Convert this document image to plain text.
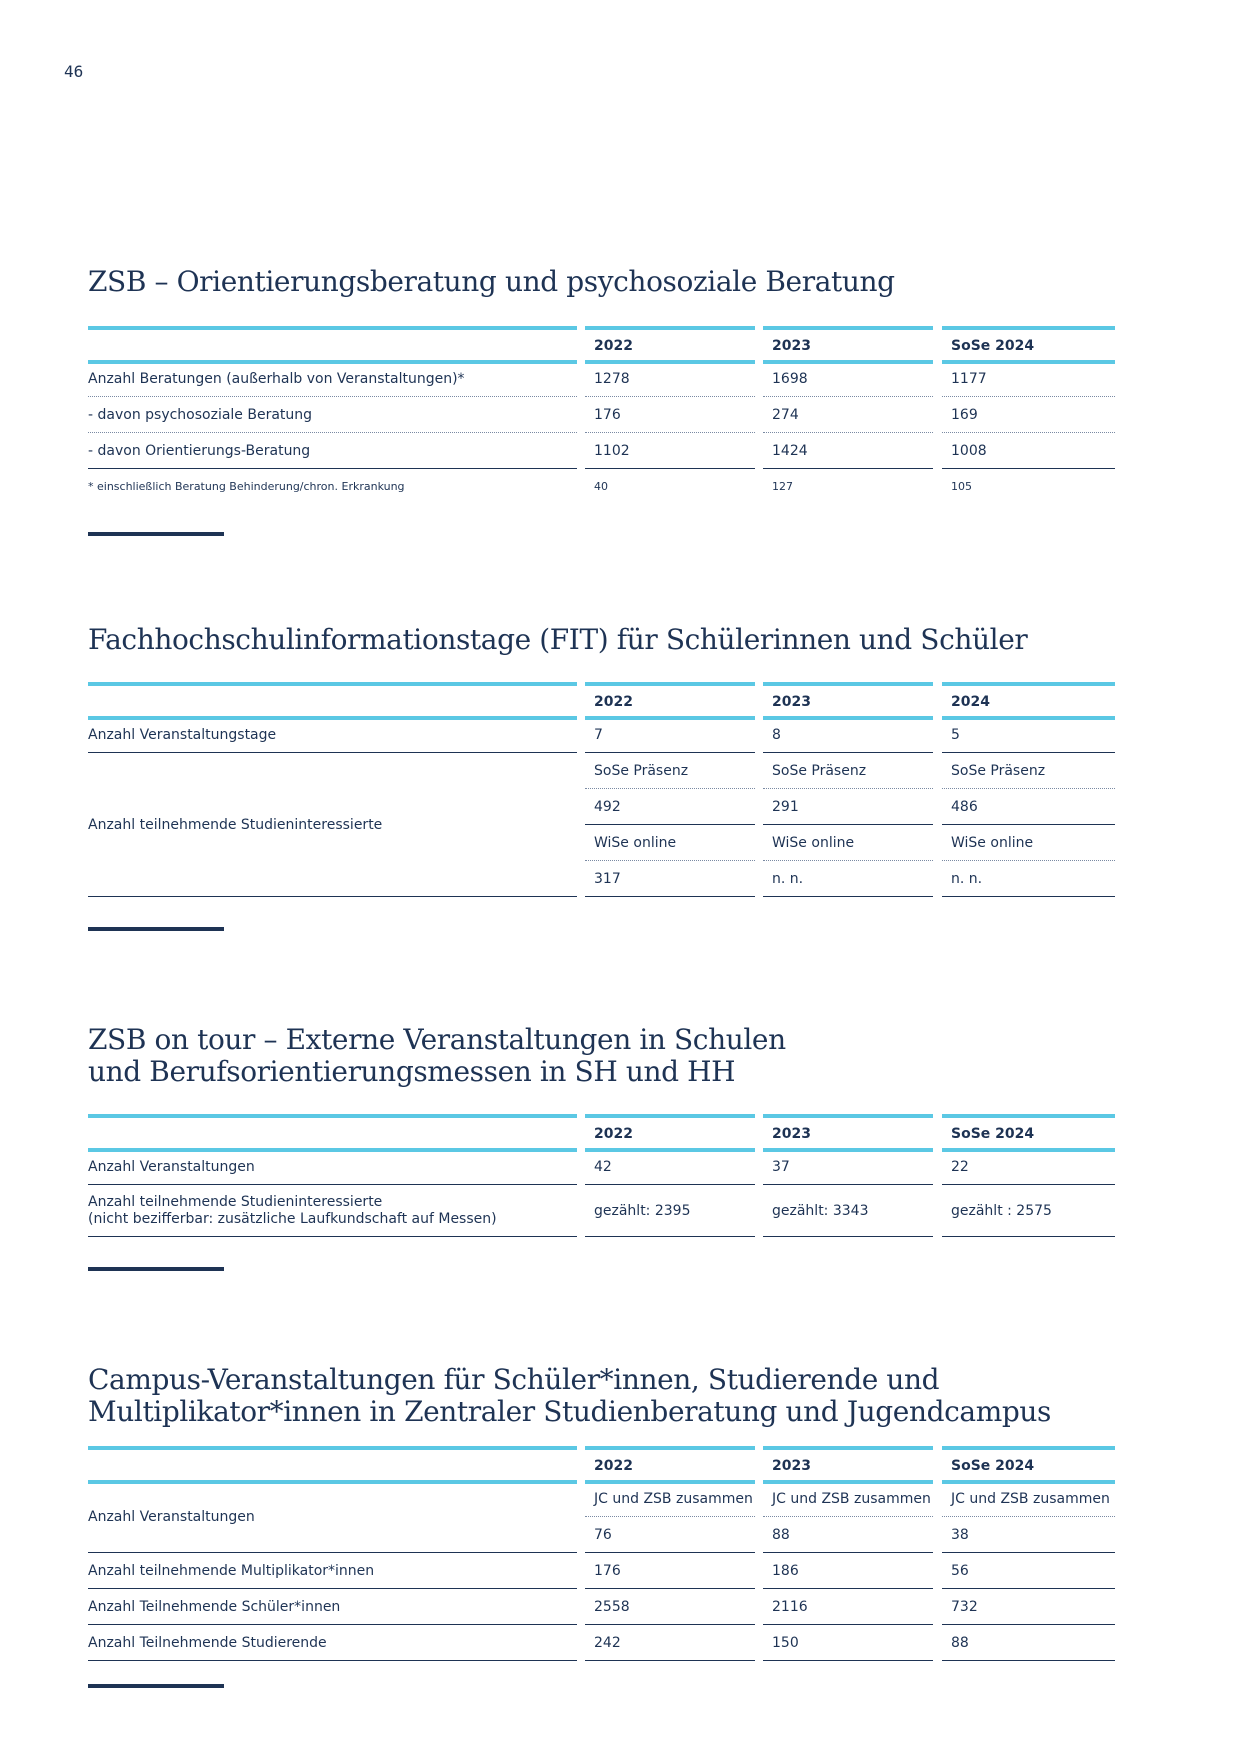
46
ZSB – Orientierungsberatung und psychosoziale Beratung
2022	2023	SoSe 2024
Anzahl Beratungen (außerhalb von Veranstaltungen)*	1278	1698	1177
- davon psychosoziale Beratung	176	274	169
- davon Orientierungs-Beratung	1102	1424	1008
* einschließlich Beratung Behinderung/chron. Erkrankung	40	127	105
Fachhochschulinformationstage (FIT) für Schülerinnen und Schüler
2022	2023	2024
Anzahl Veranstaltungstage	7	8	5
Anzahl teilnehmende Studieninteressierte
SoSe Präsenz	SoSe Präsenz	SoSe Präsenz
492	291	486
WiSe online	WiSe online	WiSe online
317	n. n.	n. n.
ZSB on tour – Externe Veranstaltungen in Schulen
und Berufsorientierungsmessen in SH und HH
2022	2023	SoSe 2024
Anzahl Veranstaltungen	42	37	22
Anzahl teilnehmende Studieninteressierte
(nicht bezifferbar: zusätzliche Laufkundschaft auf Messen)	gezählt: 2395	gezählt: 3343	gezählt : 2575
Campus-Veranstaltungen für Schüler*innen, Studierende und
Multiplikator*innen in Zentraler Studienberatung und Jugendcampus
2022	2023	SoSe 2024
Anzahl Veranstaltungen
JC und ZSB zusammen	JC und ZSB zusammen	JC und ZSB zusammen
76	88	38
Anzahl teilnehmende Multiplikator*innen	176	186	56
Anzahl Teilnehmende Schüler*innen	2558	2116	732
Anzahl Teilnehmende Studierende	242	150	88
